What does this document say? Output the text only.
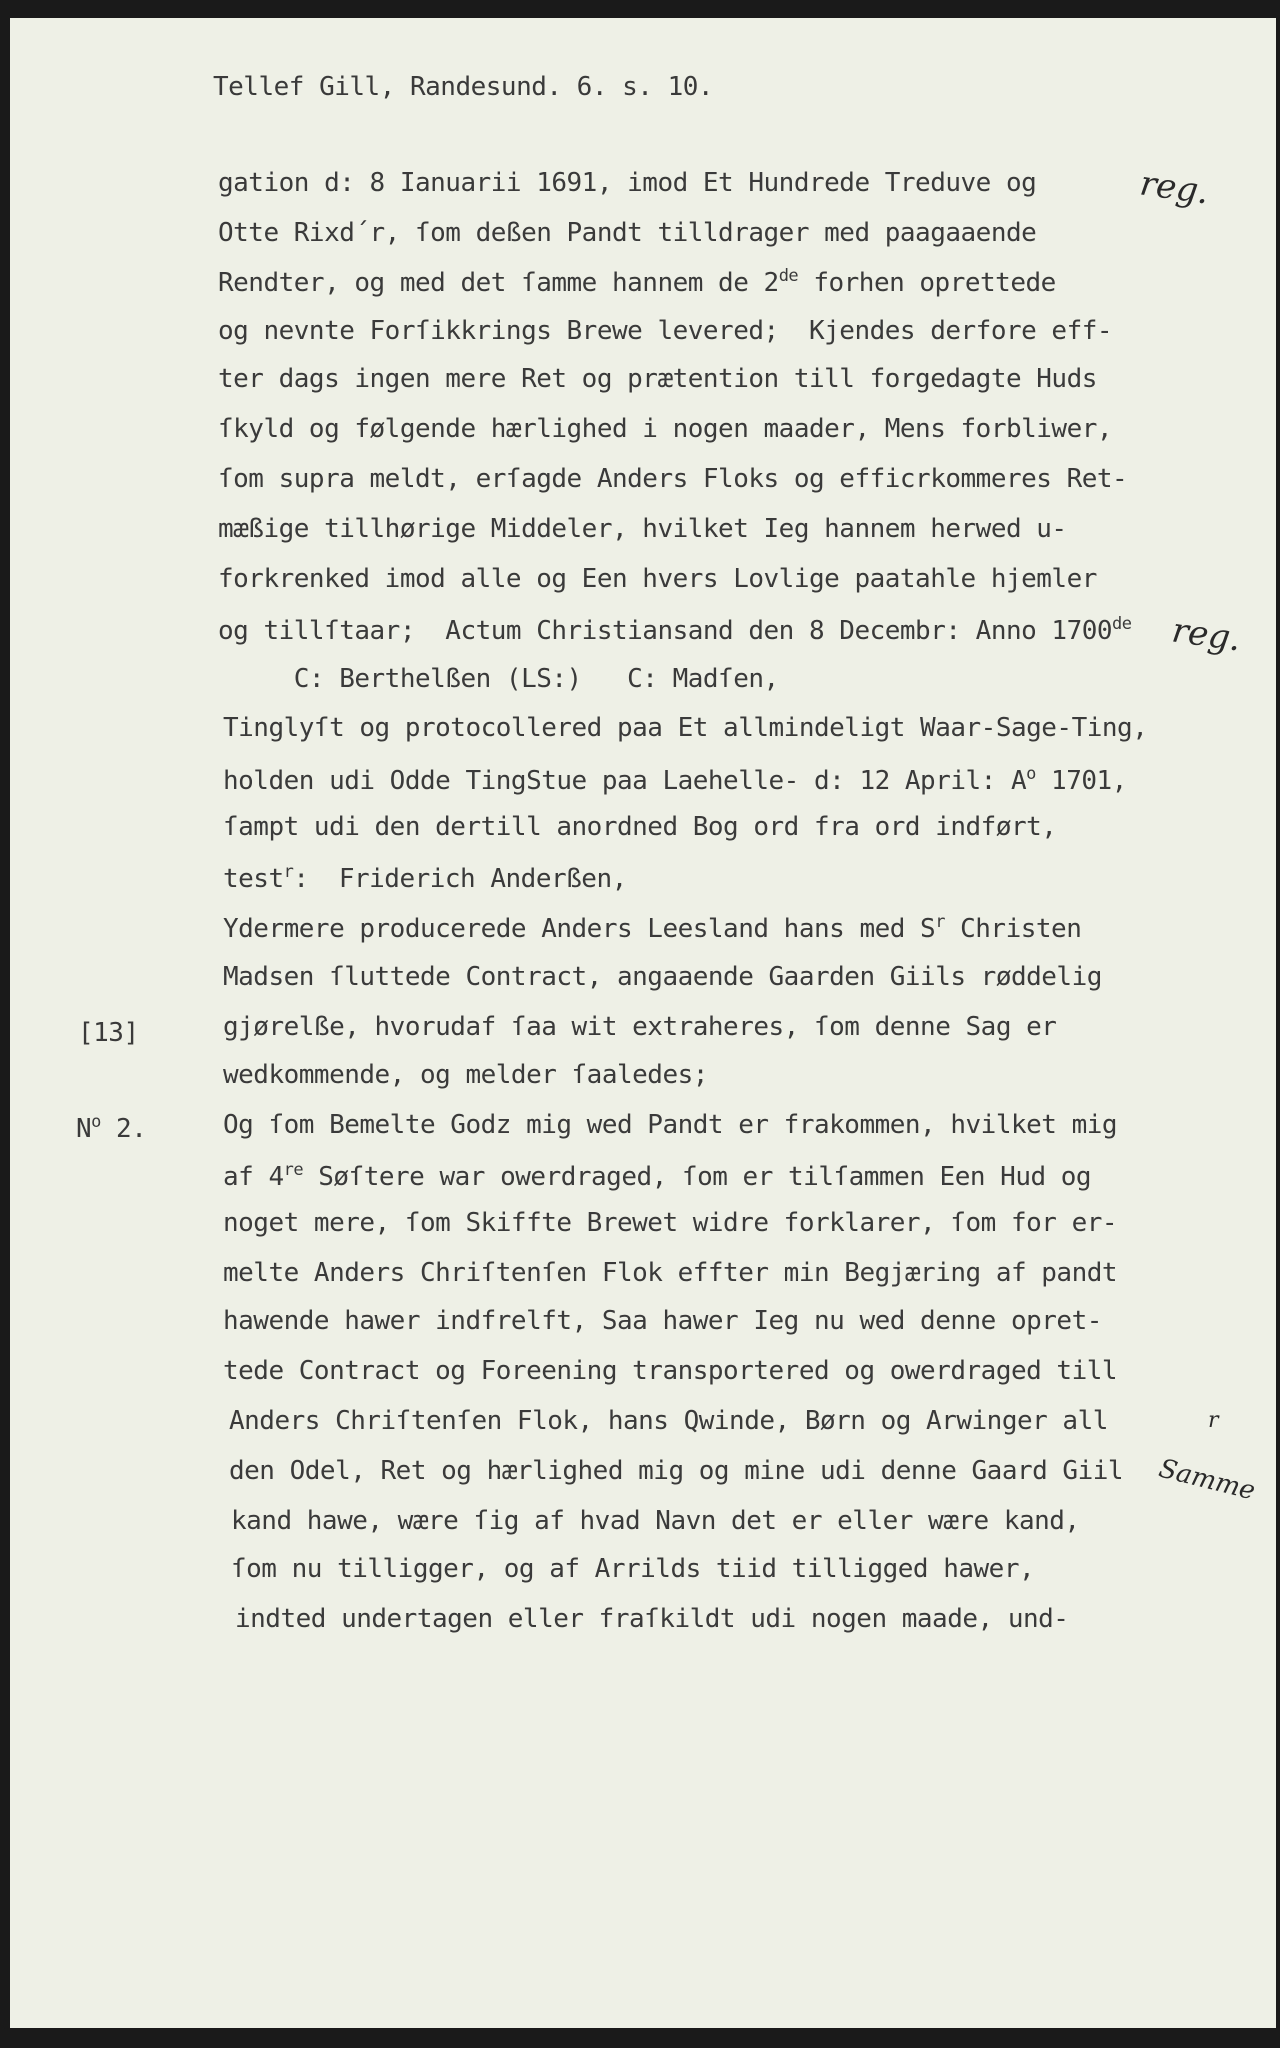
Tellef Gill, Randesund. 6. s. 10.
gation d: 8 Ianuarii 1691, imod Et Hundrede Treduve og
Otte Rixd´r, ſom deßen Pandt tilldrager med paagaaende
Rendter, og med det ſamme hannem de 2de forhen oprettede
og nevnte Forſikkrings Brewe levered;  Kjendes derfore eff-
ter dags ingen mere Ret og prætention till forgedagte Huds
ſkyld og følgende hærlighed i nogen maader, Mens forbliwer,
ſom supra meldt, erſagde Anders Floks og efficrkommeres Ret-
mæßige tillhørige Middeler, hvilket Ieg hannem herwed u-
forkrenked imod alle og Een hvers Lovlige paatahle hjemler
og tillſtaar;  Actum Christiansand den 8 Decembr: Anno 1700de
C: Berthelßen (LS:)   C: Madſen,
Tinglyſt og protocollered paa Et allmindeligt Waar-Sage-Ting,
holden udi Odde TingStue paa Laehelle- d: 12 April: $A^o$ 1701,
ſampt udi den dertill anordned Bog ord fra ord indført,
test$^r$:  Friderich Anderßen,
Ydermere producerede Anders Leesland hans med $S^r$ Christen
Madsen ſluttede Contract, angaaende Gaarden Giils røddelig
gjørelße, hvorudaf ſaa wit extraheres, ſom denne Sag er
wedkommende, og melder ſaaledes;
Og ſom Bemelte Godz mig wed Pandt er frakommen, hvilket mig
af 4re Søſtere war owerdraged, ſom er tilſammen Een Hud og
noget mere, ſom Skiffte Brewet widre forklarer, ſom for er-
melte Anders Chriſtenſen Flok effter min Begjæring af pandt
hawende hawer indfrelft, Saa hawer Ieg nu wed denne opret-
tede Contract og Foreening transportered og owerdraged till
Anders Chriſtenſen Flok, hans Qwinde, Børn og Arwinger all
den Odel, Ret og hærlighed mig og mine udi denne Gaard Giil
kand hawe, wære ſig af hvad Navn det er eller wære kand,
ſom nu tilligger, og af Arrilds tiid tilligged hawer,
indted undertagen eller fraſkildt udi nogen maade, und-
[13]
$N^o$ 2.
reg.
reg.
r
Samme
